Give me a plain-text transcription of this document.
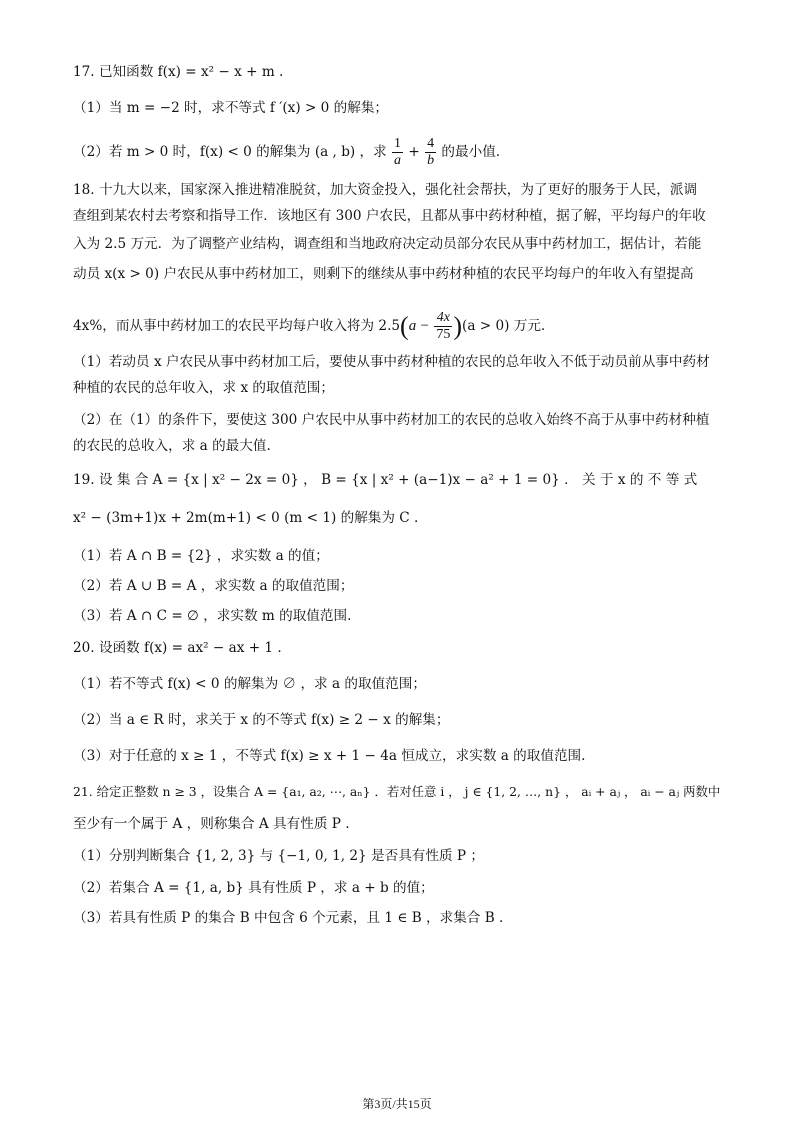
17. 已知函数 f(x) = x² − x + m .
（1）当 m = −2 时，求不等式 f ′(x) > 0 的解集；
（2）若 m > 0 时，f(x) < 0 的解集为 (a , b) ，求 $\frac{1}{a} + \frac{4}{b}$ 的最小值.
18. 十九大以来，国家深入推进精准脱贫，加大资金投入，强化社会帮扶，为了更好的服务于人民，派调
查组到某农村去考察和指导工作．该地区有 300 户农民，且都从事中药材种植，据了解，平均每户的年收
入为 2.5 万元．为了调整产业结构，调查组和当地政府决定动员部分农民从事中药材加工，据估计，若能
动员 x(x > 0) 户农民从事中药材加工，则剩下的继续从事中药材种植的农民平均每户的年收入有望提高
4x%，而从事中药材加工的农民平均每户收入将为 $2.5(a - \frac{4x}{75} )(a > 0)$ 万元.
（1）若动员 x 户农民从事中药材加工后，要使从事中药材种植的农民的总年收入不低于动员前从事中药材
种植的农民的总年收入，求 x 的取值范围；
（2）在（1）的条件下，要使这 300 户农民中从事中药材加工的农民的总收入始终不高于从事中药材种植
的农民的总收入，求 a 的最大值.
19. 设 集 合 A = {x | x² − 2x = 0} ， B = {x | x² + (a−1)x − a² + 1 = 0} ． 关 于 x 的 不 等 式
x² − (3m+1)x + 2m(m+1) < 0 (m < 1) 的解集为 C .
（1）若 A ∩ B = {2} ，求实数 a 的值；
（2）若 A ∪ B = A ，求实数 a 的取值范围；
（3）若 A ∩ C = ∅ ，求实数 m 的取值范围.
20. 设函数 f(x) = ax² − ax + 1 .
（1）若不等式 f(x) < 0 的解集为 ∅ ，求 a 的取值范围；
（2）当 a ∈ R 时，求关于 x 的不等式 f(x) ≥ 2 − x 的解集；
（3）对于任意的 x ≥ 1 ，不等式 f(x) ≥ x + 1 − 4a 恒成立，求实数 a 的取值范围.
21. 给定正整数 n ≥ 3 ，设集合 A = {a₁, a₂, ⋯, aₙ} ．若对任意 i ， j ∈ {1, 2, …, n} ， aᵢ + aⱼ ， aᵢ − aⱼ 两数中
至少有一个属于 A ，则称集合 A 具有性质 P .
（1）分别判断集合 {1, 2, 3} 与 {−1, 0, 1, 2} 是否具有性质 P ；
（2）若集合 A = {1, a, b} 具有性质 P ，求 a + b 的值；
（3）若具有性质 P 的集合 B 中包含 6 个元素，且 1 ∈ B ，求集合 B .
第3页/共15页
